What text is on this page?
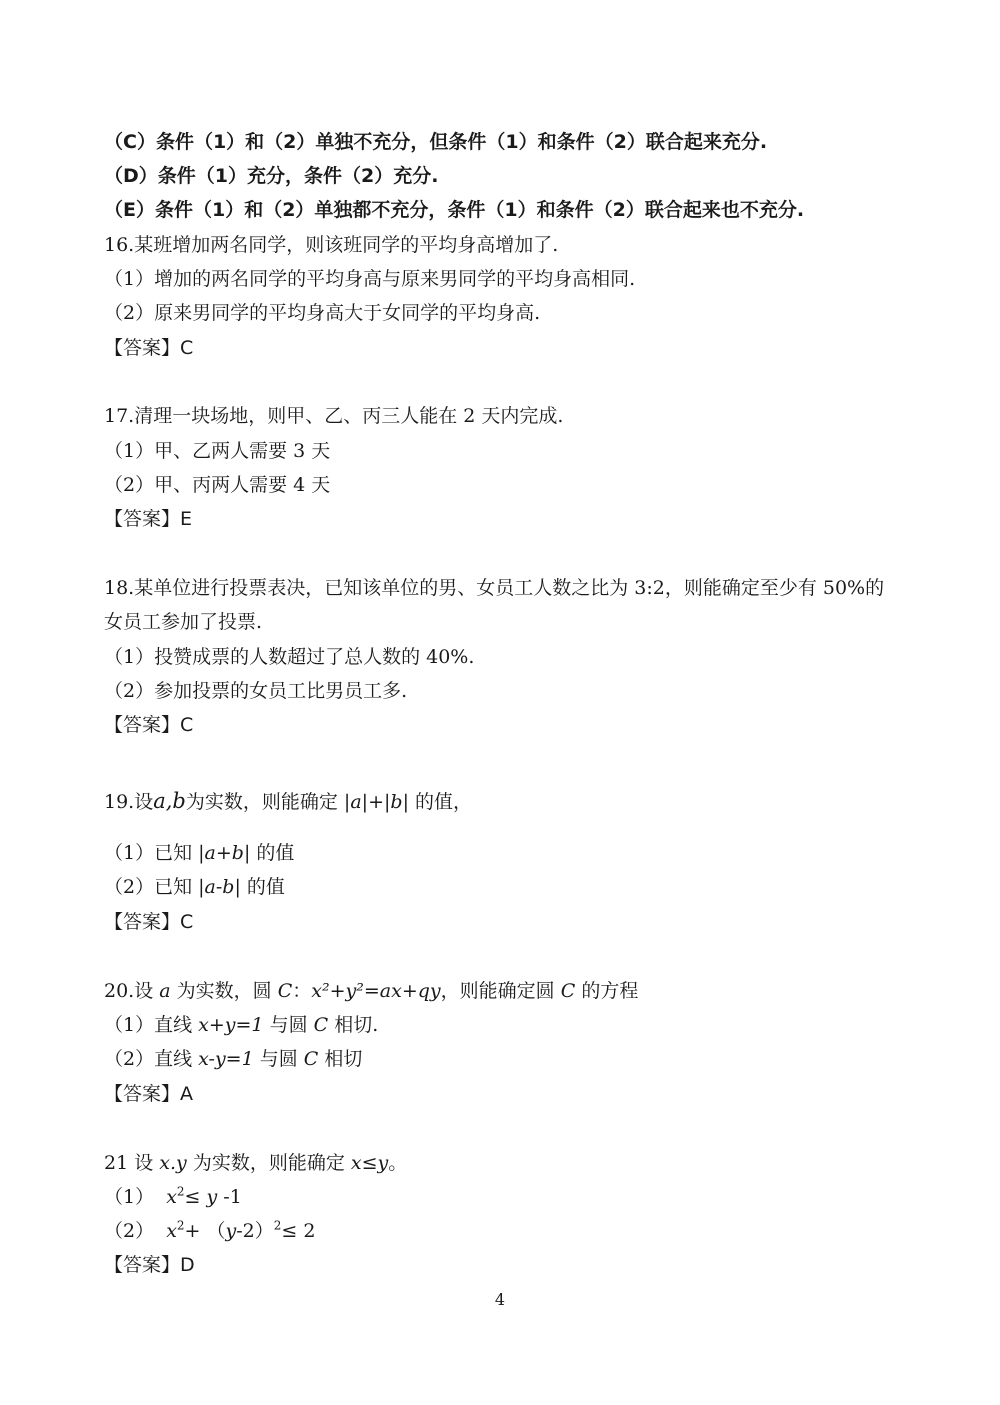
（C）条件（1）和（2）单独不充分，但条件（1）和条件（2）联合起来充分.
（D）条件（1）充分，条件（2）充分.
（E）条件（1）和（2）单独都不充分，条件（1）和条件（2）联合起来也不充分.
16.某班增加两名同学，则该班同学的平均身高增加了.
（1）增加的两名同学的平均身高与原来男同学的平均身高相同.
（2）原来男同学的平均身高大于女同学的平均身高.
【答案】C
17.清理一块场地，则甲、乙、丙三人能在 2 天内完成.
（1）甲、乙两人需要 3 天
（2）甲、丙两人需要 4 天
【答案】E
18.某单位进行投票表决，已知该单位的男、女员工人数之比为 3:2，则能确定至少有 50%的
女员工参加了投票.
（1）投赞成票的人数超过了总人数的 40%.
（2）参加投票的女员工比男员工多.
【答案】C
19.设a,b为实数，则能确定 |a|+|b| 的值，
（1）已知 |a+b| 的值
（2）已知 |a-b| 的值
【答案】C
20.设 a 为实数，圆 C：x²+y²=ax+qy，则能确定圆 C 的方程
（1）直线 x+y=1 与圆 C 相切.
（2）直线 x-y=1 与圆 C 相切
【答案】A
21 设 x.y 为实数，则能确定 x≤y。
（1） $x^2\le y$ -1
（2） $x^2+ (y-2)^2\le 2$
【答案】D
4
